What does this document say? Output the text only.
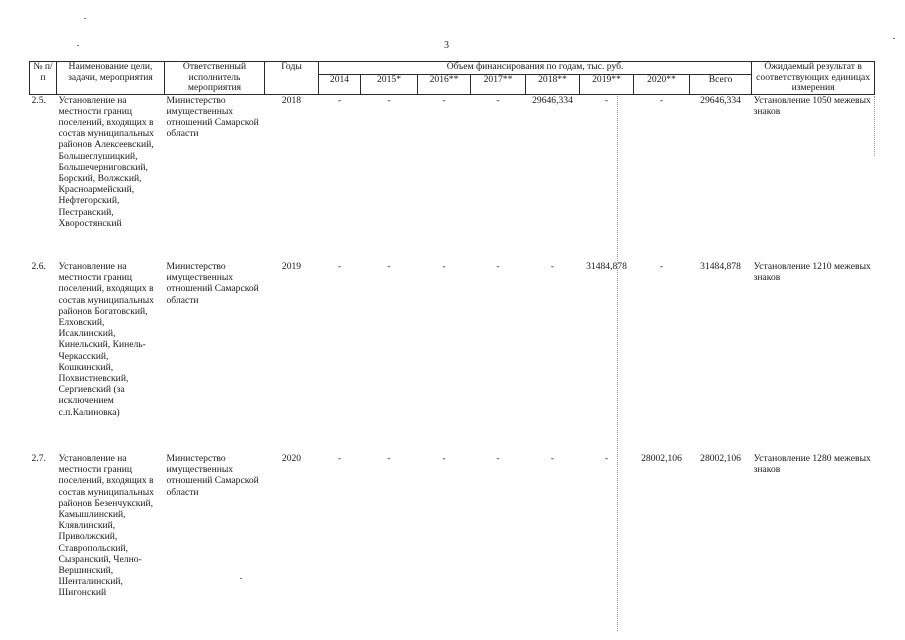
3
№ п/п	Наименование цели, задачи, мероприятия	Ответственный исполнитель мероприятия	Годы	Объем финансирования по годам, тыс. руб.								Ожидаемый результат в соответствующих единицах измерения
				2014	2015*	2016**	2017**	2018**	2019**	2020**	Всего	
2.5.	Установление на местности границ поселений, входящих в состав муниципальных районов Алексеевский, Большеглушицкий, Большечерниговский, Борский, Волжский, Красноармейский, Нефтегорский, Пестравский, Хворостянский	Министерство имущественных отношений Самарской области	2018	-	-	-	-	29646,334	-	-	29646,334	Установление 1050 межевых знаков
2.6.	Установление на местности границ поселений, входящих в состав муниципальных районов Богатовский, Елховский, Исаклинский, Кинельский, Кинель-Черкасский, Кошкинский, Похвистневский, Сергиевский (за исключением с.п.Калиновка)	Министерство имущественных отношений Самарской области	2019	-	-	-	-	-	31484,878	-	31484,878	Установление 1210 межевых знаков
2.7.	Установление на местности границ поселений, входящих в состав муниципальных районов Безенчукский, Камышлинский, Клявлинский, Приволжский, Ставропольский, Сызранский, Челно-Вершинский, Шенталинский, Шигонский	Министерство имущественных отношений Самарской области	2020	-	-	-	-	-	-	28002,106	28002,106	Установление 1280 межевых знаков
